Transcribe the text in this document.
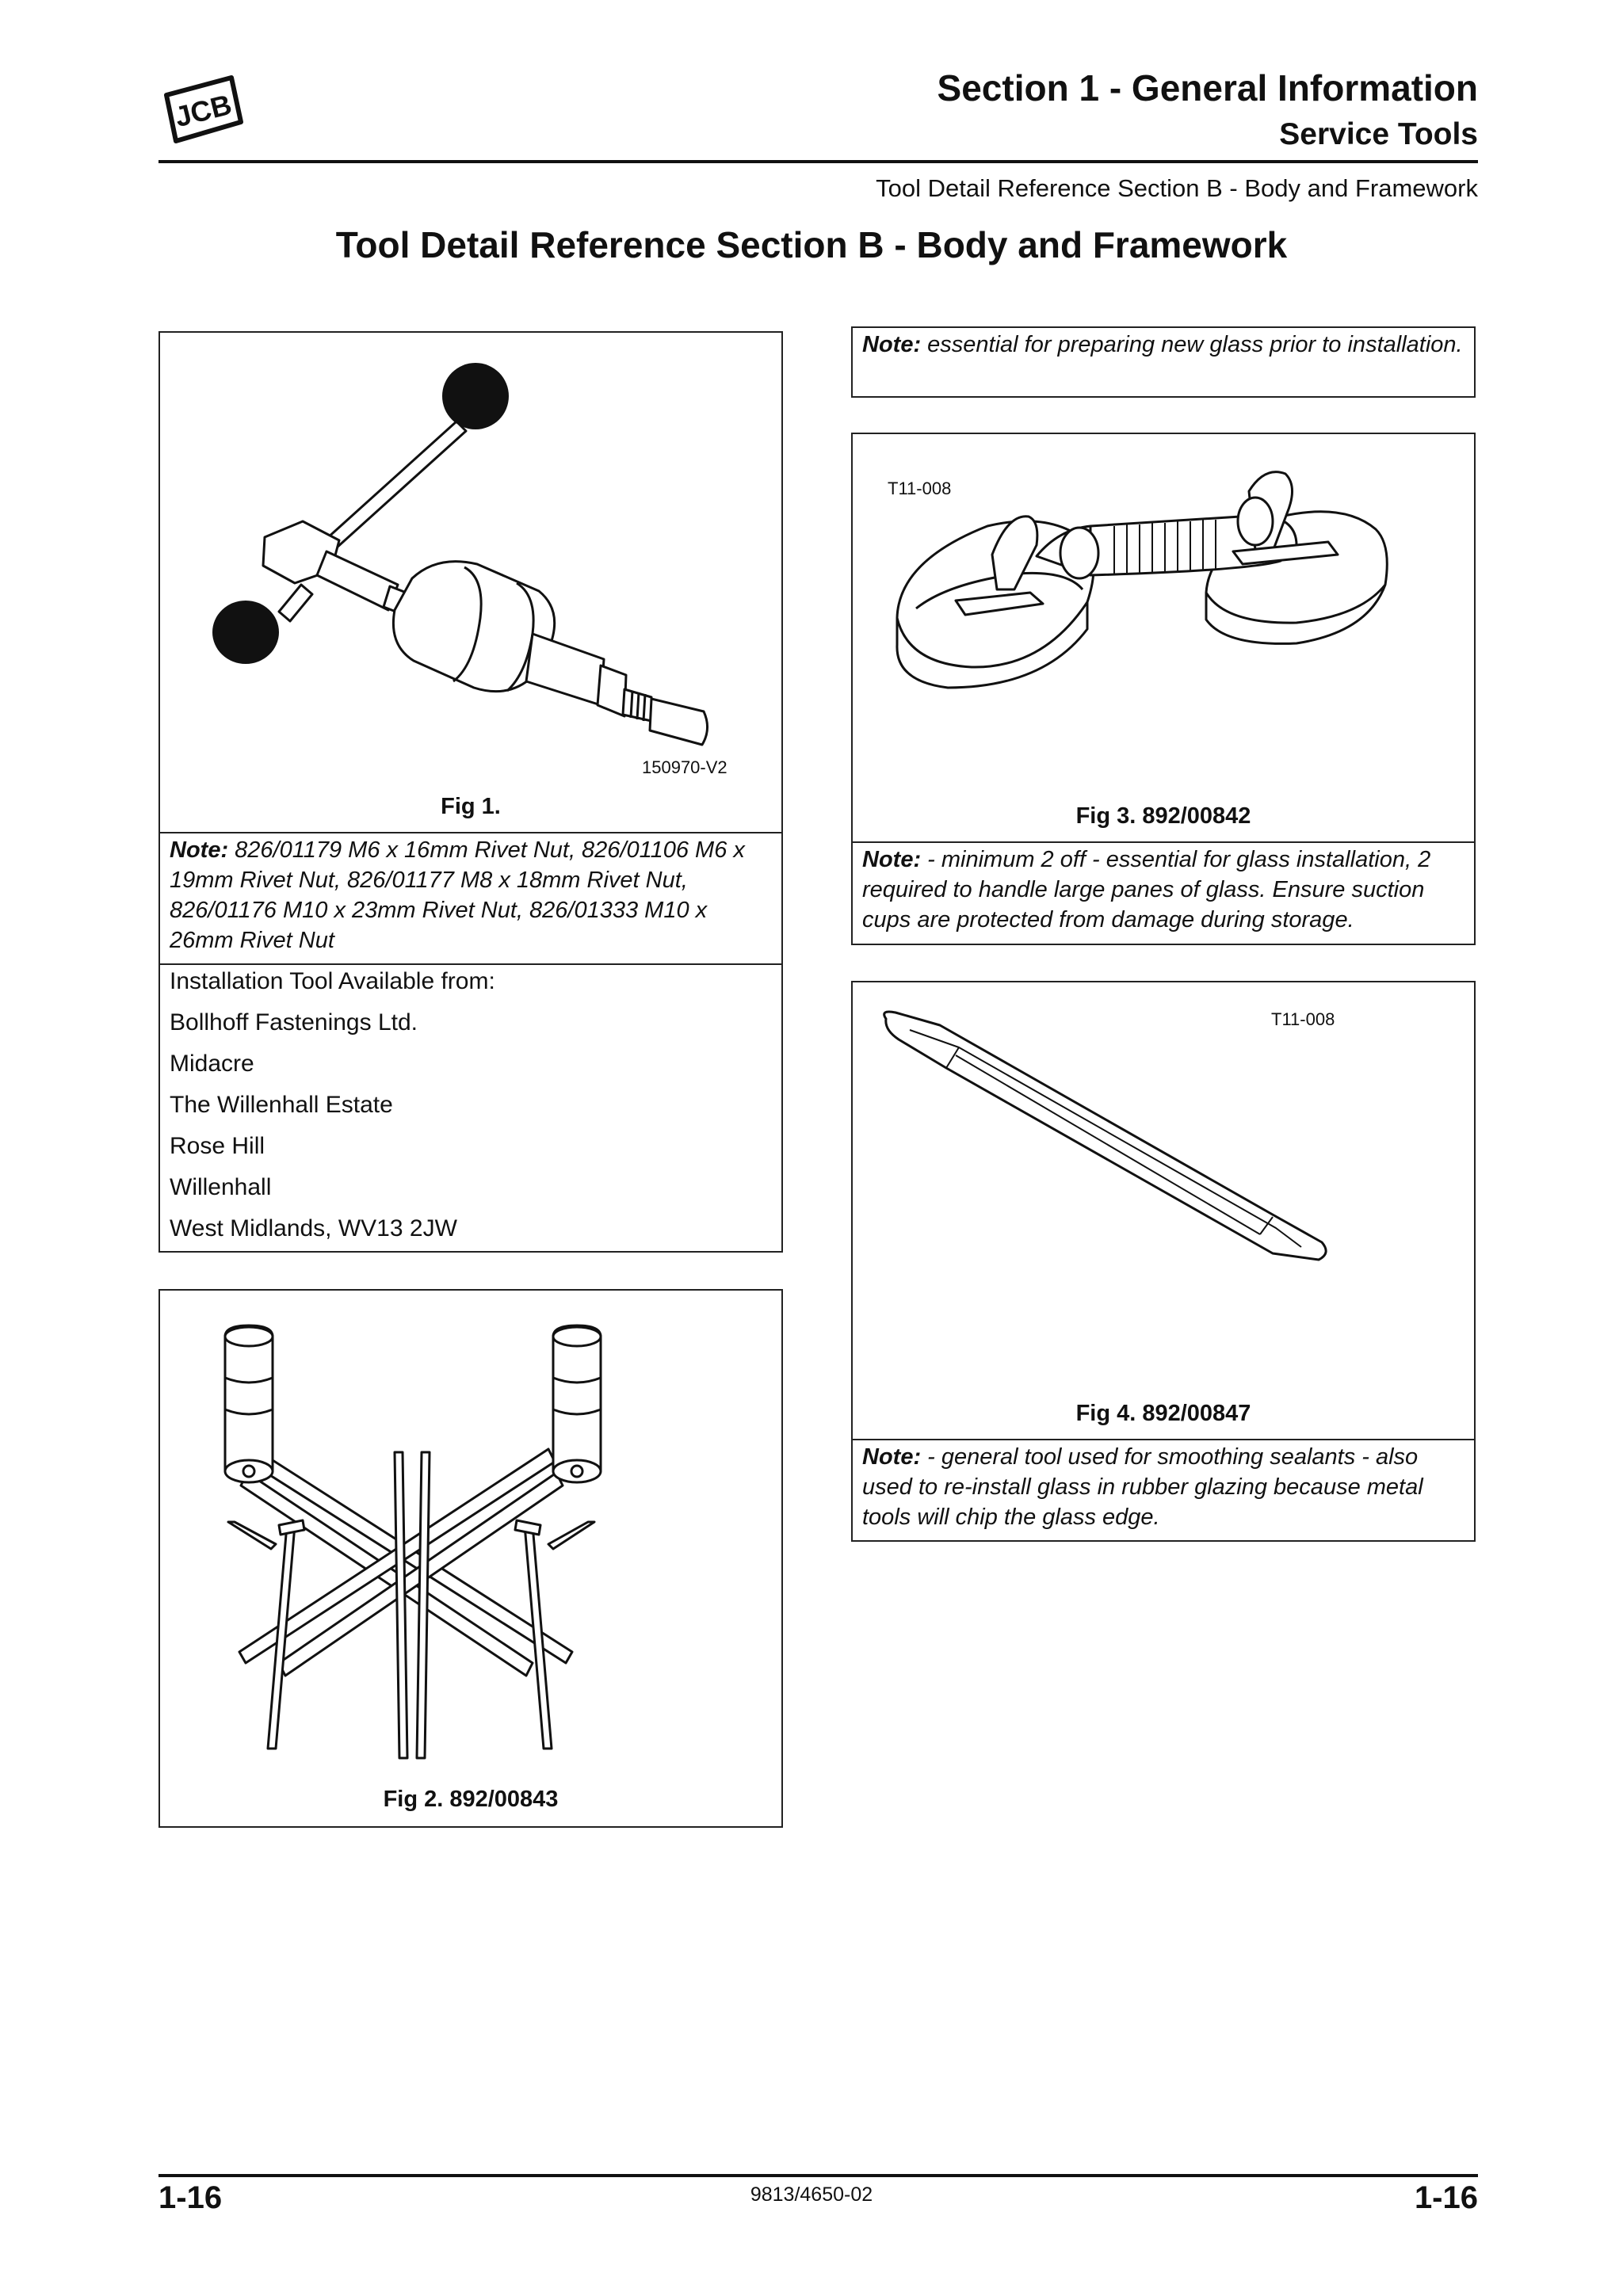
JCB	Section 1 - General Information
Service Tools
Tool Detail Reference Section B - Body and Framework
Tool Detail Reference Section B - Body and Framework
150970-V2
Fig 1.
Note: 826/01179 M6 x 16mm Rivet Nut, 826/01106 M6 x 19mm Rivet Nut, 826/01177 M8 x 18mm Rivet Nut, 826/01176 M10 x 23mm Rivet Nut, 826/01333 M10 x 26mm Rivet Nut
Installation Tool Available from:
Bollhoff Fastenings Ltd.
Midacre
The Willenhall Estate
Rose Hill
Willenhall
West Midlands, WV13 2JW
Fig 2. 892/00843
Note: essential for preparing new glass prior to installation.
T11-008
Fig 3. 892/00842
Note: - minimum 2 off - essential for glass installation, 2 required to handle large panes of glass. Ensure suction cups are protected from damage during storage.
T11-008
Fig 4. 892/00847
Note: - general tool used for smoothing sealants - also used to re-install glass in rubber glazing because metal tools will chip the glass edge.
1-16	9813/4650-02	1-16
